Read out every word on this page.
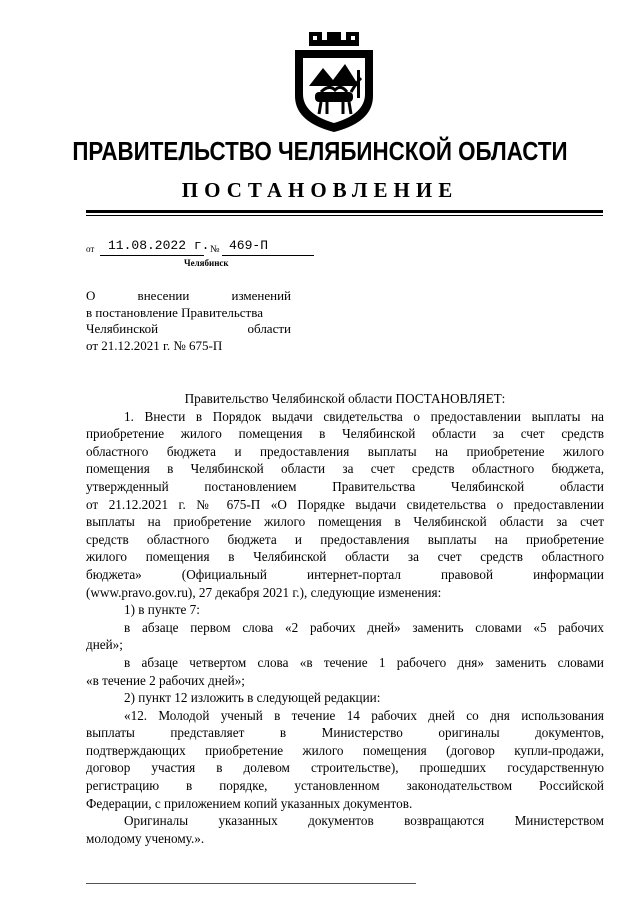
ПРАВИТЕЛЬСТВО ЧЕЛЯБИНСКОЙ ОБЛАСТИ
ПОСТАНОВЛЕНИЕ
от 11.08.2022 г. № 469-П
Челябинск
О внесении изменений
в постановление Правительства
Челябинской области
от 21.12.2021 г. № 675-П
Правительство Челябинской области ПОСТАНОВЛЯЕТ:
1. Внести в Порядок выдачи свидетельства о предоставлении выплаты на
приобретение жилого помещения в Челябинской области за счет средств
областного бюджета и предоставления выплаты на приобретение жилого
помещения в Челябинской области за счет средств областного бюджета,
утвержденный постановлением Правительства Челябинской области
от 21.12.2021 г. № 675-П «О Порядке выдачи свидетельства о предоставлении
выплаты на приобретение жилого помещения в Челябинской области за счет
средств областного бюджета и предоставления выплаты на приобретение
жилого помещения в Челябинской области за счет средств областного
бюджета» (Официальный интернет-портал правовой информации
(www.pravo.gov.ru), 27 декабря 2021 г.), следующие изменения:
1) в пункте 7:
в абзаце первом слова «2 рабочих дней» заменить словами «5 рабочих
дней»;
в абзаце четвертом слова «в течение 1 рабочего дня» заменить словами
«в течение 2 рабочих дней»;
2) пункт 12 изложить в следующей редакции:
«12. Молодой ученый в течение 14 рабочих дней со дня использования
выплаты представляет в Министерство оригиналы документов,
подтверждающих приобретение жилого помещения (договор купли-продажи,
договор участия в долевом строительстве), прошедших государственную
регистрацию в порядке, установленном законодательством Российской
Федерации, с приложением копий указанных документов.
Оригиналы указанных документов возвращаются Министерством
молодому ученому.».
